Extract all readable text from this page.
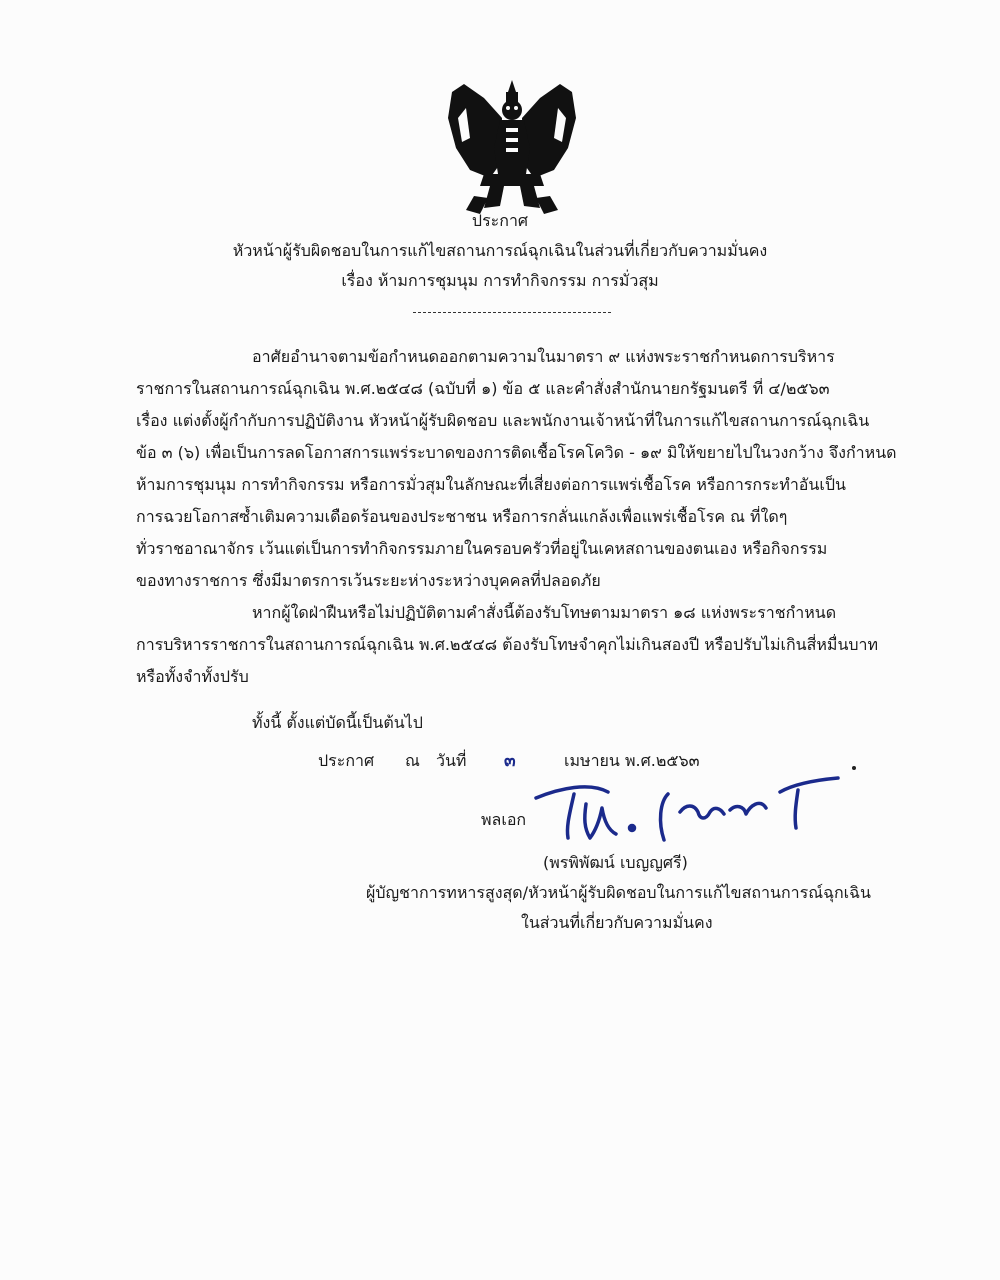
ประกาศ
หัวหน้าผู้รับผิดชอบในการแก้ไขสถานการณ์ฉุกเฉินในส่วนที่เกี่ยวกับความมั่นคง
เรื่อง ห้ามการชุมนุม การทำกิจกรรม การมั่วสุม
อาศัยอำนาจตามข้อกำหนดออกตามความในมาตรา ๙ แห่งพระราชกำหนดการบริหาร
ราชการในสถานการณ์ฉุกเฉิน พ.ศ.๒๕๔๘ (ฉบับที่ ๑) ข้อ ๕ และคำสั่งสำนักนายกรัฐมนตรี ที่ ๔/๒๕๖๓
เรื่อง แต่งตั้งผู้กำกับการปฏิบัติงาน หัวหน้าผู้รับผิดชอบ และพนักงานเจ้าหน้าที่ในการแก้ไขสถานการณ์ฉุกเฉิน
ข้อ ๓ (๖) เพื่อเป็นการลดโอกาสการแพร่ระบาดของการติดเชื้อโรคโควิด - ๑๙ มิให้ขยายไปในวงกว้าง จึงกำหนด
ห้ามการชุมนุม การทำกิจกรรม หรือการมั่วสุมในลักษณะที่เสี่ยงต่อการแพร่เชื้อโรค หรือการกระทำอันเป็น
การฉวยโอกาสซ้ำเติมความเดือดร้อนของประชาชน หรือการกลั่นแกล้งเพื่อแพร่เชื้อโรค ณ ที่ใดๆ
ทั่วราชอาณาจักร เว้นแต่เป็นการทำกิจกรรมภายในครอบครัวที่อยู่ในเคหสถานของตนเอง หรือกิจกรรม
ของทางราชการ ซึ่งมีมาตรการเว้นระยะห่างระหว่างบุคคลที่ปลอดภัย
หากผู้ใดฝ่าฝืนหรือไม่ปฏิบัติตามคำสั่งนี้ต้องรับโทษตามมาตรา ๑๘ แห่งพระราชกำหนด
การบริหารราชการในสถานการณ์ฉุกเฉิน พ.ศ.๒๕๔๘ ต้องรับโทษจำคุกไม่เกินสองปี หรือปรับไม่เกินสี่หมื่นบาท
หรือทั้งจำทั้งปรับ
ทั้งนี้ ตั้งแต่บัดนี้เป็นต้นไป
ประกาศ ณ วันที่ ๓	เมษายน พ.ศ.๒๕๖๓
พลเอก
(พรพิพัฒน์ เบญญศรี)
ผู้บัญชาการทหารสูงสุด/หัวหน้าผู้รับผิดชอบในการแก้ไขสถานการณ์ฉุกเฉิน
ในส่วนที่เกี่ยวกับความมั่นคง
